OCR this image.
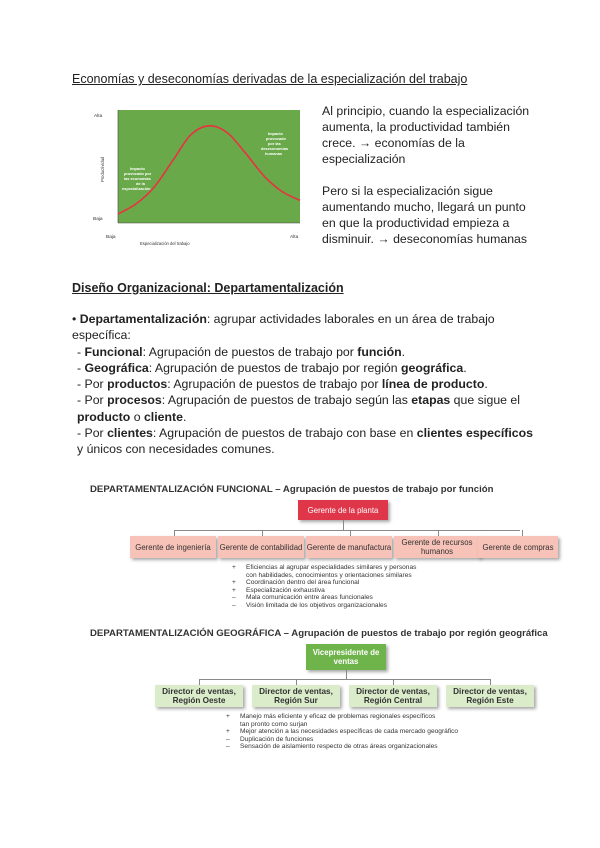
Economías y deseconomías derivadas de la especialización del trabajo
Alta
Baja
Baja	Alta
Especialización del trabajo
Productividad	Impacto
provocado por
las economías
de la
especialización
Impacto
provocado
por las
deseconomías
humanas
Al principio, cuando la especialización aumenta, la productividad también crece. → economías de la especialización
Pero si la especialización sigue aumentando mucho, llegará un punto en que la productividad empieza a disminuir. → deseconomías humanas
Diseño Organizacional: Departamentalización

• Departamentalización: agrupar actividades laborales en un área de trabajo específica:

- Funcional: Agrupación de puestos de trabajo por función.

- Geográfica: Agrupación de puestos de trabajo por región geográfica.

- Por productos: Agrupación de puestos de trabajo por línea de producto.

- Por procesos: Agrupación de puestos de trabajo según las etapas que sigue el producto o cliente.

- Por clientes: Agrupación de puestos de trabajo con base en clientes específicos y únicos con necesidades comunes.

DEPARTAMENTALIZACIÓN FUNCIONAL – Agrupación de puestos de trabajo por función
Gerente de la planta
Gerente de ingeniería	Gerente de contabilidad Gerente de manufactura	Gerente de recursos humanos	Gerente de compras
+	Eficiencias al agrupar especialidades similares y personas
con habilidades, conocimientos y orientaciones similares
+	Coordinación dentro del área funcional
+	Especialización exhaustiva
–	Mala comunicación entre áreas funcionales
–	Visión limitada de los objetivos organizacionales
DEPARTAMENTALIZACIÓN GEOGRÁFICA – Agrupación de puestos de trabajo por región geográfica
Vicepresidente de ventas
Director de ventas, Región Oeste
Director de ventas, Región Sur
Director de ventas, Región Central
Director de ventas, Región Este
+	Manejo más eficiente y eficaz de problemas regionales específicos
tan pronto como surjan
+	Mejor atención a las necesidades específicas de cada mercado geográfico
–	Duplicación de funciones
–	Sensación de aislamiento respecto de otras áreas organizacionales
